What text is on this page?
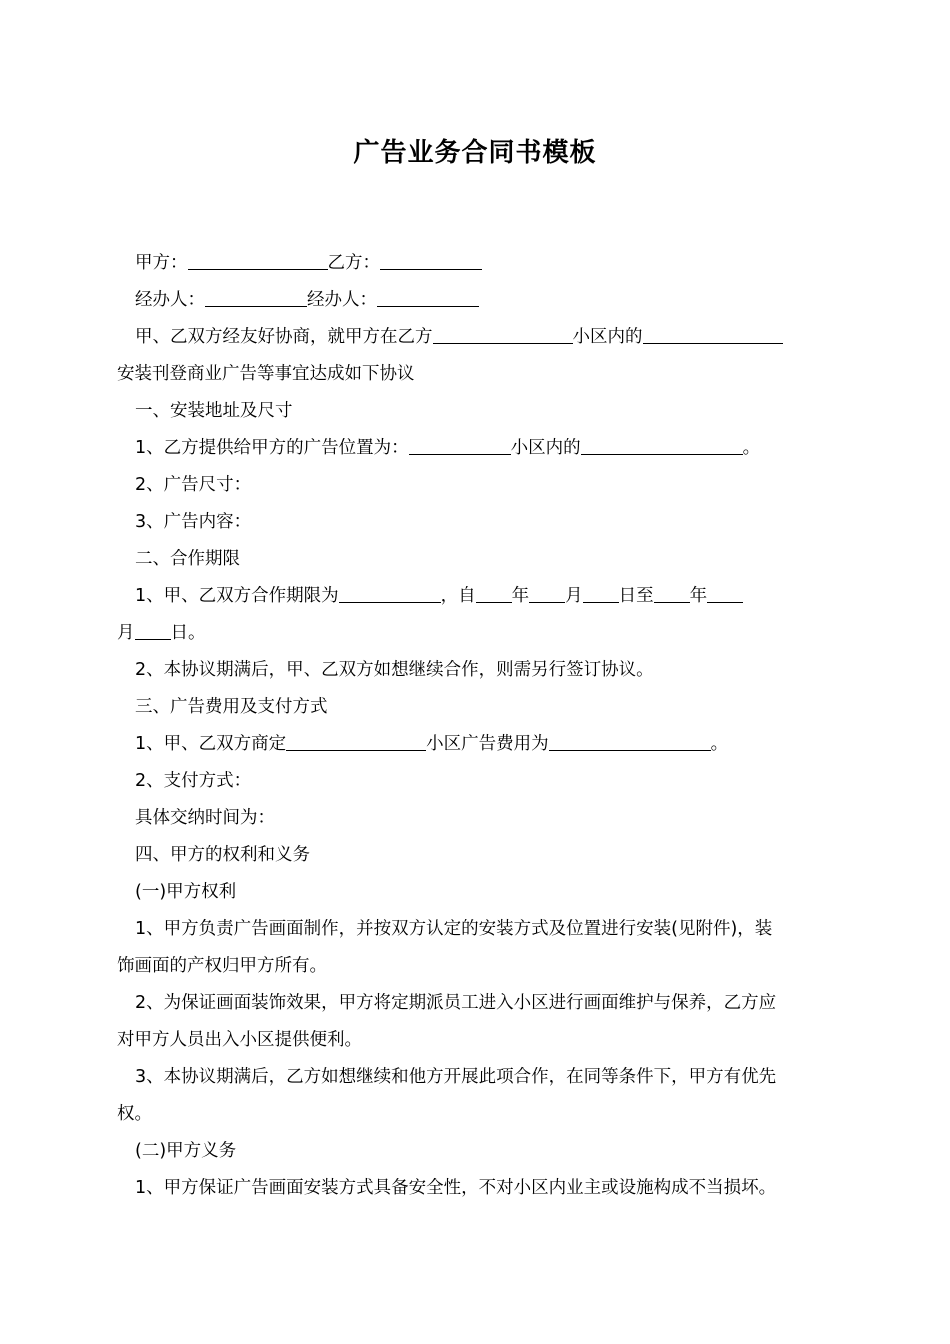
广告业务合同书模板
甲方：	乙方：
经办人：	经办人：
甲、乙双方经友好协商，就甲方在乙方	小区内的
安装刊登商业广告等事宜达成如下协议
一、安装地址及尺寸
1、乙方提供给甲方的广告位置为：	小区内的	。
2、广告尺寸：
3、广告内容：
二、合作期限
1、甲、乙双方合作期限为	，自 年 月 日至 年
月 日。
2、本协议期满后，甲、乙双方如想继续合作，则需另行签订协议。
三、广告费用及支付方式
1、甲、乙双方商定	小区广告费用为	。
2、支付方式：
具体交纳时间为：
四、甲方的权利和义务
(一)甲方权利
1、甲方负责广告画面制作，并按双方认定的安装方式及位置进行安装(见附件)，装
饰画面的产权归甲方所有。
2、为保证画面装饰效果，甲方将定期派员工进入小区进行画面维护与保养，乙方应
对甲方人员出入小区提供便利。
3、本协议期满后，乙方如想继续和他方开展此项合作，在同等条件下，甲方有优先
权。
(二)甲方义务
1、甲方保证广告画面安装方式具备安全性，不对小区内业主或设施构成不当损坏。
